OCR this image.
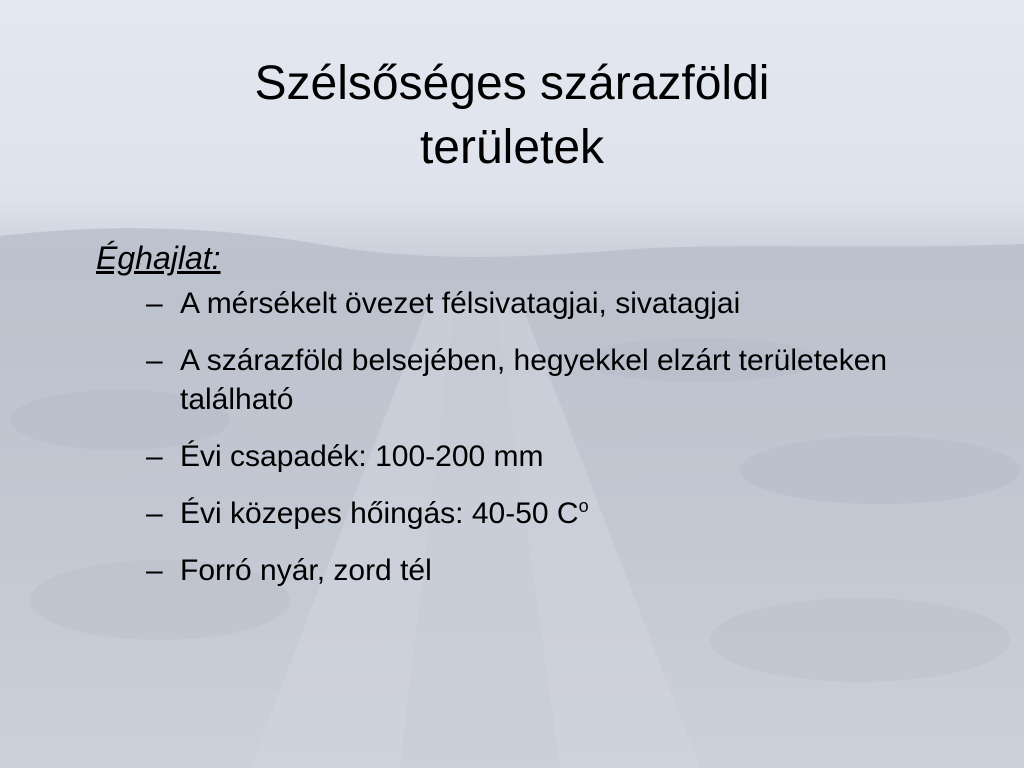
Szélsőséges szárazföldi
területek
Éghajlat:
– A mérsékelt övezet félsivatagjai, sivatagjai
– A szárazföld belsejében, hegyekkel elzárt területeken található
– Évi csapadék: 100-200 mm
– Évi közepes hőingás: 40-50 $C^o$
– Forró nyár, zord tél
